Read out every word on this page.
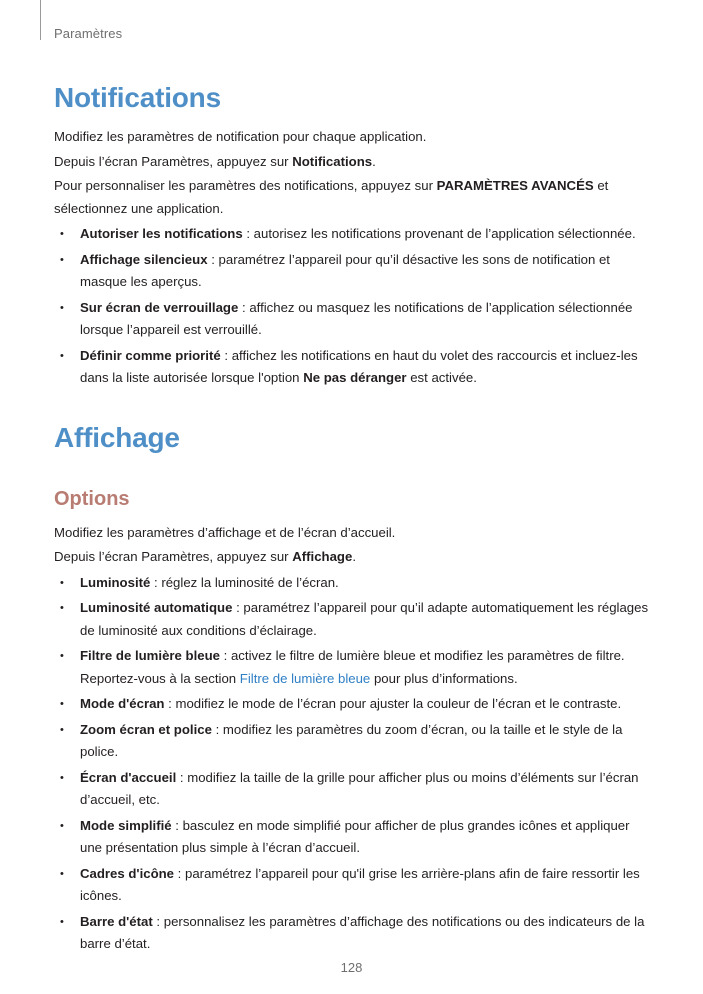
Paramètres
Notifications

Modifiez les paramètres de notification pour chaque application.

Depuis l’écran Paramètres, appuyez sur Notifications.

Pour personnaliser les paramètres des notifications, appuyez sur PARAMÈTRES AVANCÉS et sélectionnez une application.

• Autoriser les notifications : autorisez les notifications provenant de l’application sélectionnée.
• Affichage silencieux : paramétrez l’appareil pour qu’il désactive les sons de notification et masque les aperçus.
• Sur écran de verrouillage : affichez ou masquez les notifications de l’application sélectionnée lorsque l’appareil est verrouillé.
• Définir comme priorité : affichez les notifications en haut du volet des raccourcis et incluez-les dans la liste autorisée lorsque l'option Ne pas déranger est activée.
Affichage
Options

Modifiez les paramètres d’affichage et de l’écran d’accueil.

Depuis l’écran Paramètres, appuyez sur Affichage.

• Luminosité : réglez la luminosité de l’écran.
• Luminosité automatique : paramétrez l’appareil pour qu’il adapte automatiquement les réglages de luminosité aux conditions d’éclairage.
• Filtre de lumière bleue : activez le filtre de lumière bleue et modifiez les paramètres de filtre. Reportez-vous à la section Filtre de lumière bleue pour plus d’informations.
• Mode d'écran : modifiez le mode de l’écran pour ajuster la couleur de l’écran et le contraste.
• Zoom écran et police : modifiez les paramètres du zoom d’écran, ou la taille et le style de la police.
• Écran d'accueil : modifiez la taille de la grille pour afficher plus ou moins d’éléments sur l’écran d’accueil, etc.
• Mode simplifié : basculez en mode simplifié pour afficher de plus grandes icônes et appliquer une présentation plus simple à l’écran d’accueil.
• Cadres d'icône : paramétrez l’appareil pour qu'il grise les arrière-plans afin de faire ressortir les icônes.
• Barre d'état : personnalisez les paramètres d’affichage des notifications ou des indicateurs de la barre d’état.
128
